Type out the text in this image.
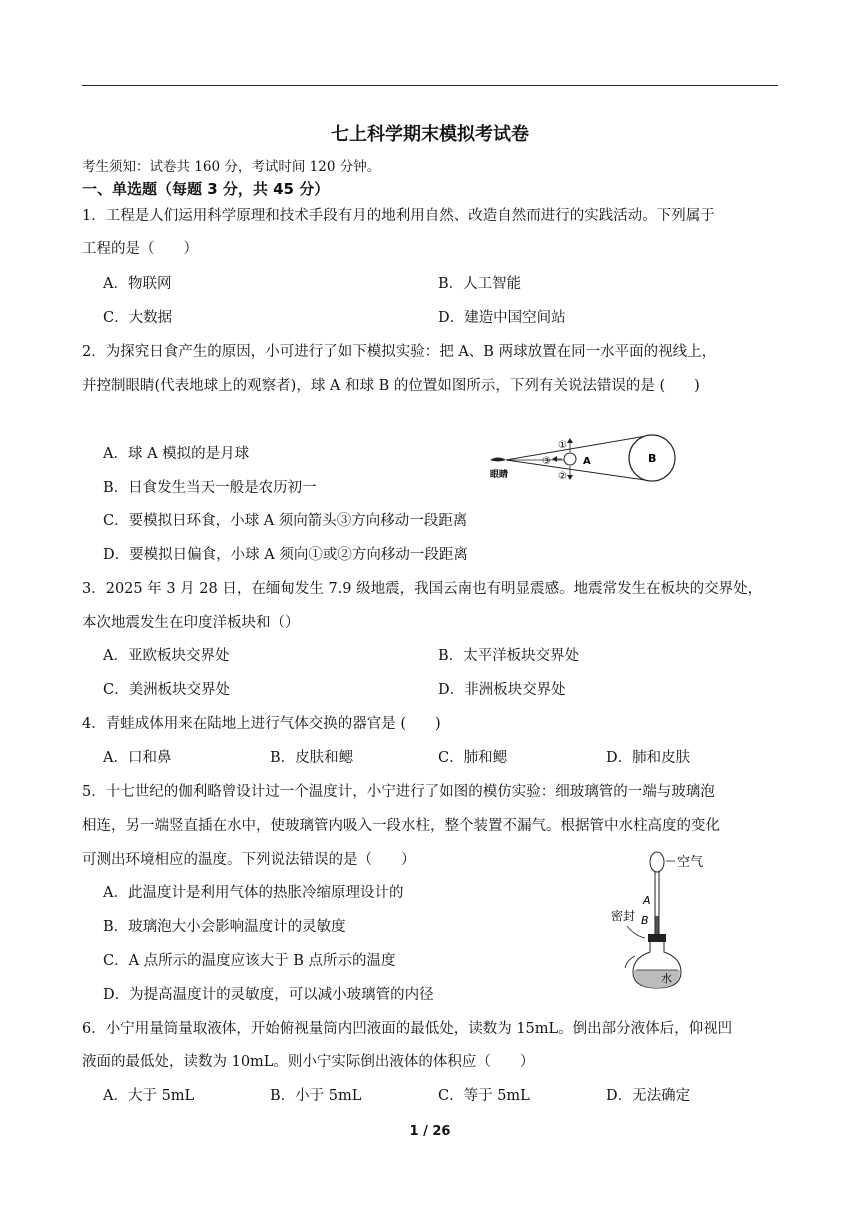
七上科学期末模拟考试卷
考生须知：试卷共 160 分，考试时间 120 分钟。
一、单选题（每题 3 分，共 45 分）
1．工程是人们运用科学原理和技术手段有月的地利用自然、改造自然而进行的实践活动。下列属于
工程的是（　　）
A．物联网	B．人工智能
C．大数据	D．建造中国空间站
2．为探究日食产生的原因，小可进行了如下模拟实验：把 A、B 两球放置在同一水平面的视线上，
并控制眼睛(代表地球上的观察者)，球 A 和球 B 的位置如图所示，下列有关说法错误的是 (　　)
A．球 A 模拟的是月球
B．日食发生当天一般是农历初一
C．要模拟日环食，小球 A 须向箭头③方向移动一段距离
D．要模拟日偏食，小球 A 须向①或②方向移动一段距离
眼睛
A	B
①
②
③
3．2025 年 3 月 28 日，在缅甸发生 7.9 级地震，我国云南也有明显震感。地震常发生在板块的交界处，
本次地震发生在印度洋板块和（）
A．亚欧板块交界处	B．太平洋板块交界处
C．美洲板块交界处	D．非洲板块交界处
4．青蛙成体用来在陆地上进行气体交换的器官是 (　　)
A．口和鼻	B．皮肤和鳃	C．肺和鳃	D．肺和皮肤
5．十七世纪的伽利略曾设计过一个温度计，小宁进行了如图的模仿实验：细玻璃管的一端与玻璃泡
相连，另一端竖直插在水中，使玻璃管内吸入一段水柱，整个装置不漏气。根据管中水柱高度的变化
可测出环境相应的温度。下列说法错误的是（　　）
A．此温度计是利用气体的热胀冷缩原理设计的
B．玻璃泡大小会影响温度计的灵敏度
C．A 点所示的温度应该大于 B 点所示的温度
D．为提高温度计的灵敏度，可以减小玻璃管的内径
空气
A
B
密封
水
6．小宁用量筒量取液体，开始俯视量筒内凹液面的最低处，读数为 15mL。倒出部分液体后，仰视凹
液面的最低处，读数为 10mL。则小宁实际倒出液体的体积应（　　）
A．大于 5mL	B．小于 5mL	C．等于 5mL	D．无法确定
1 / 26
